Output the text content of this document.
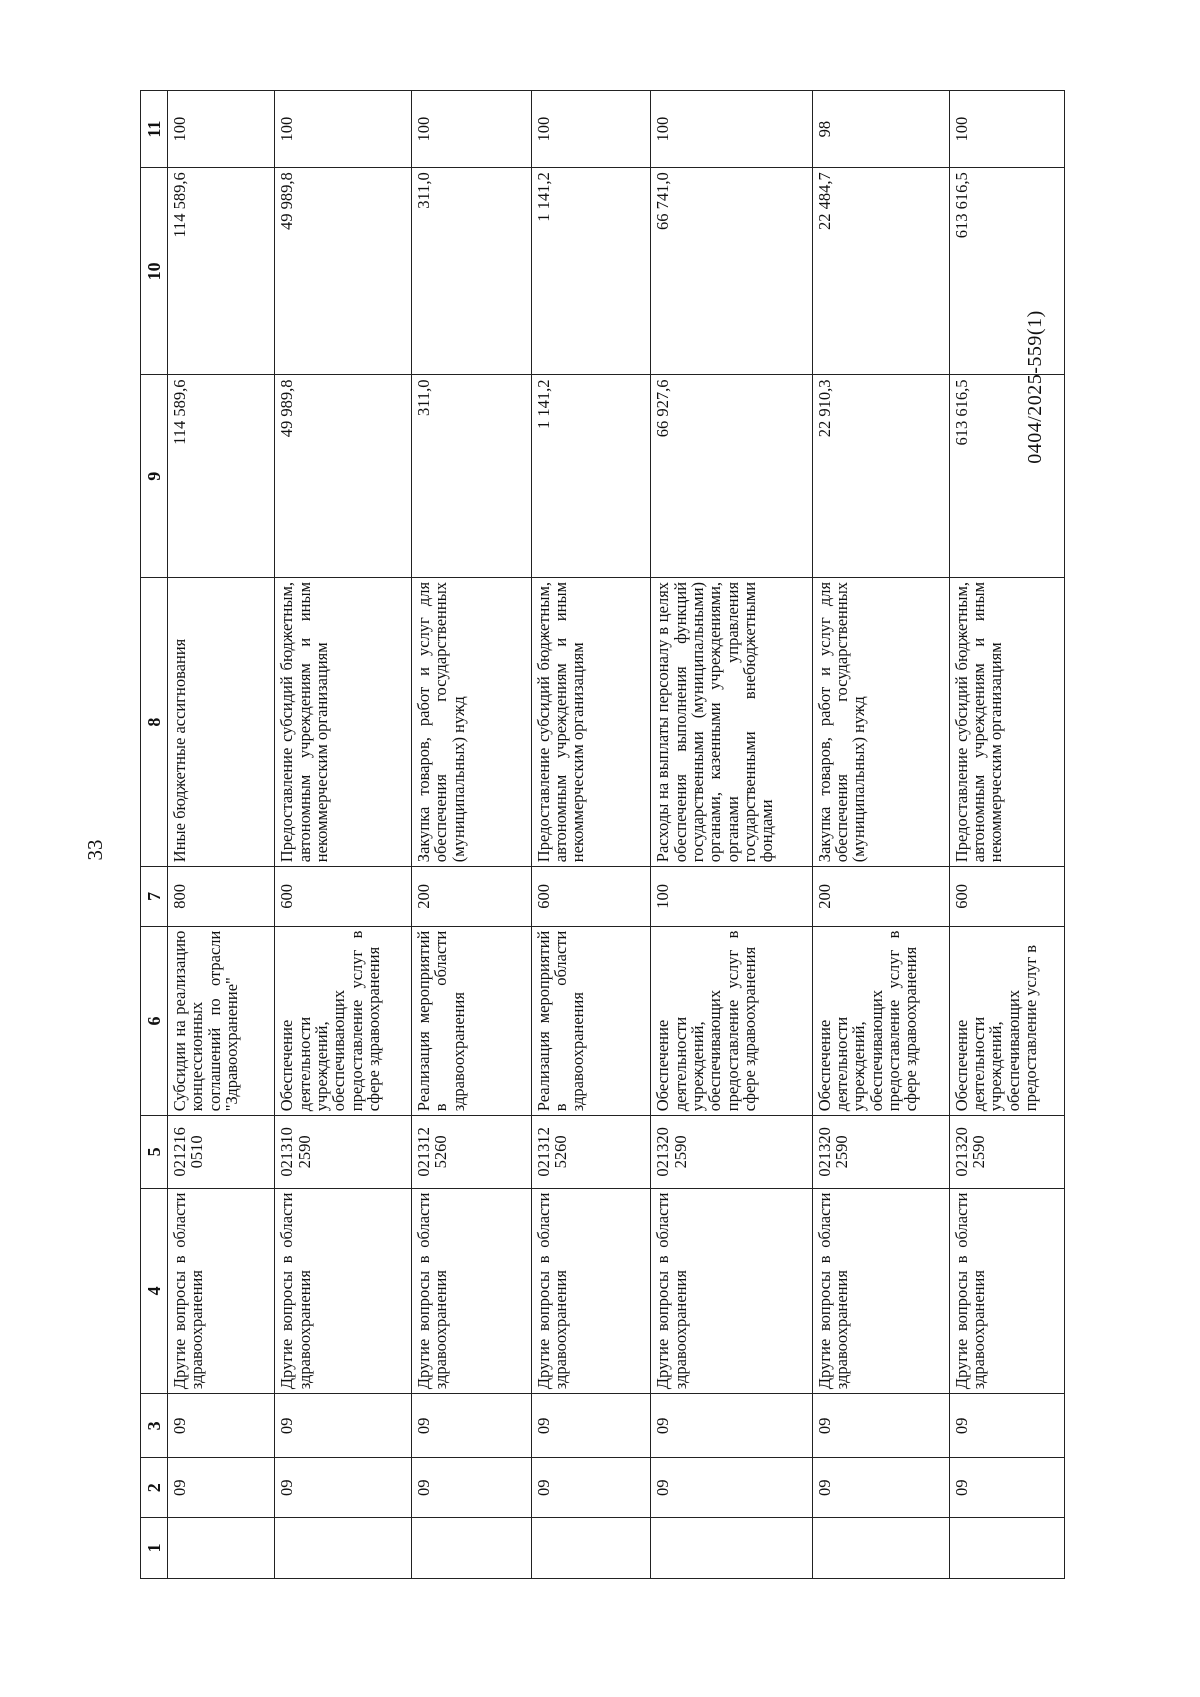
33
1	2	3	4	5	6	7	8	9	10	11
	09	09	Другие вопросы в области здравоохранения	021216 0510	Субсидии на реализацию концессионных соглашений по отрасли "Здравоохранение"	800	Иные бюджетные ассигнования	114 589,6	114 589,6	100
	09	09	Другие вопросы в области здравоохранения	021310 2590	Обеспечение деятельности учреждений, обеспечивающих предоставление услуг в сфере здравоохранения	600	Предоставление субсидий бюджетным, автономным учреждениям и иным некоммерческим организациям	49 989,8	49 989,8	100
	09	09	Другие вопросы в области здравоохранения	021312 5260	Реализация мероприятий в области здравоохранения	200	Закупка товаров, работ и услуг для обеспечения государственных (муниципальных) нужд	311,0	311,0	100
	09	09	Другие вопросы в области здравоохранения	021312 5260	Реализация мероприятий в области здравоохранения	600	Предоставление субсидий бюджетным, автономным учреждениям и иным некоммерческим организациям	1 141,2	1 141,2	100
	09	09	Другие вопросы в области здравоохранения	021320 2590	Обеспечение деятельности учреждений, обеспечивающих предоставление услуг в сфере здравоохранения	100	Расходы на выплаты персоналу в целях обеспечения выполнения функций государственными (муниципальными) органами, казенными учреждениями, органами управления государственными внебюджетными фондами	66 927,6	66 741,0	100
	09	09	Другие вопросы в области здравоохранения	021320 2590	Обеспечение деятельности учреждений, обеспечивающих предоставление услуг в сфере здравоохранения	200	Закупка товаров, работ и услуг для обеспечения государственных (муниципальных) нужд	22 910,3	22 484,7	98
	09	09	Другие вопросы в области здравоохранения	021320 2590	Обеспечение деятельности учреждений, обеспечивающих предоставление услуг в	600	Предоставление субсидий бюджетным, автономным учреждениям и иным некоммерческим организациям	613 616,5	613 616,5	100
0404/2025-559(1)
